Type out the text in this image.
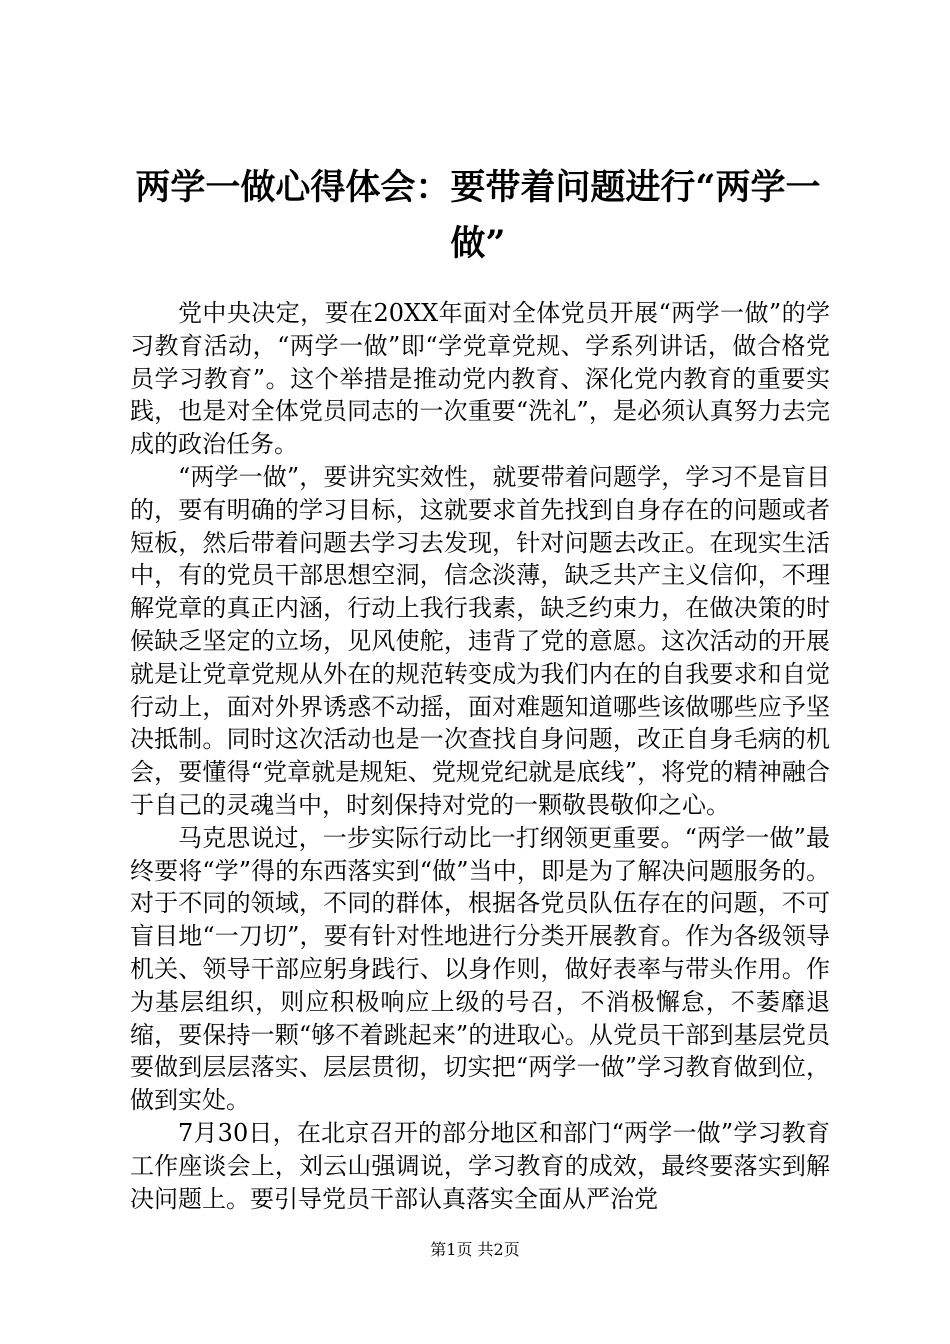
两学一做心得体会：要带着问题进行“两学一做”

党中央决定，要在20XX年面对全体党员开展“两学一做”的学习教育活动，“两学一做”即“学党章党规、学系列讲话，做合格党员学习教育”。这个举措是推动党内教育、深化党内教育的重要实践，也是对全体党员同志的一次重要“洗礼”，是必须认真努力去完成的政治任务。

“两学一做”，要讲究实效性，就要带着问题学，学习不是盲目的，要有明确的学习目标，这就要求首先找到自身存在的问题或者短板，然后带着问题去学习去发现，针对问题去改正。在现实生活中，有的党员干部思想空洞，信念淡薄，缺乏共产主义信仰，不理解党章的真正内涵，行动上我行我素，缺乏约束力，在做决策的时候缺乏坚定的立场，见风使舵，违背了党的意愿。这次活动的开展就是让党章党规从外在的规范转变成为我们内在的自我要求和自觉行动上，面对外界诱惑不动摇，面对难题知道哪些该做哪些应予坚决抵制。同时这次活动也是一次查找自身问题，改正自身毛病的机会，要懂得“党章就是规矩、党规党纪就是底线”，将党的精神融合于自己的灵魂当中，时刻保持对党的一颗敬畏敬仰之心。

马克思说过，一步实际行动比一打纲领更重要。“两学一做”最终要将“学”得的东西落实到“做”当中，即是为了解决问题服务的。对于不同的领域，不同的群体，根据各党员队伍存在的问题，不可盲目地“一刀切”，要有针对性地进行分类开展教育。作为各级领导机关、领导干部应躬身践行、以身作则，做好表率与带头作用。作为基层组织，则应积极响应上级的号召，不消极懈怠，不萎靡退缩，要保持一颗“够不着跳起来”的进取心。从党员干部到基层党员要做到层层落实、层层贯彻，切实把“两学一做”学习教育做到位，做到实处。

7月30日，在北京召开的部分地区和部门“两学一做”学习教育工作座谈会上，刘云山强调说，学习教育的成效，最终要落实到解决问题上。要引导党员干部认真落实全面从严治党

第1页 共2页
